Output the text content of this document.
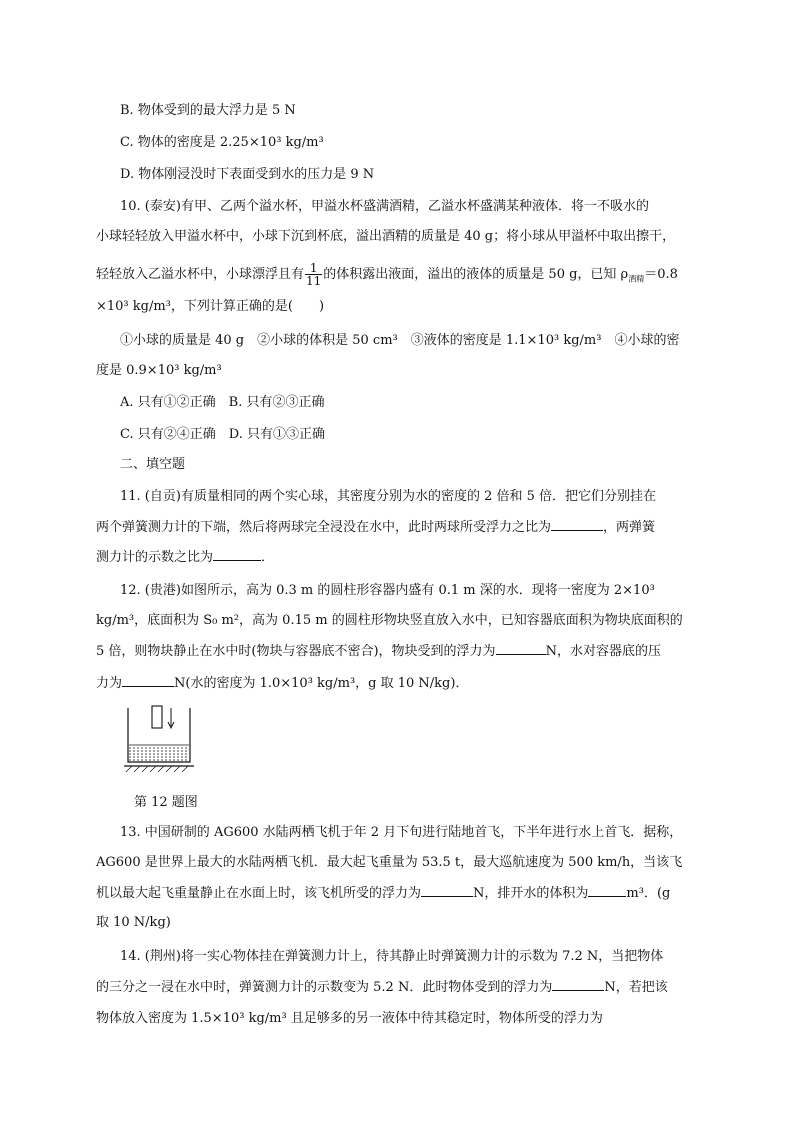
B. 物体受到的最大浮力是 5 N
C. 物体的密度是 2.25×10³ kg/m³
D. 物体刚浸没时下表面受到水的压力是 9 N
10. (泰安)有甲、乙两个溢水杯，甲溢水杯盛满酒精，乙溢水杯盛满某种液体．将一不吸水的
小球轻轻放入甲溢水杯中，小球下沉到杯底，溢出酒精的质量是 40 g；将小球从甲溢杯中取出擦干，
轻轻放入乙溢水杯中，小球漂浮且有 $\frac{1}{11}$ 的体积露出液面，溢出的液体的质量是 50 g，已知 $\rho_{酒精}=0.8$
×10³ kg/m³，下列计算正确的是(　　)
①小球的质量是 40 g　②小球的体积是 50 cm³　③液体的密度是 1.1×10³ kg/m³　④小球的密
度是 0.9×10³ kg/m³
A. 只有①②正确　B. 只有②③正确
C. 只有②④正确　D. 只有①③正确
二、填空题
11. (自贡)有质量相同的两个实心球，其密度分别为水的密度的 2 倍和 5 倍．把它们分别挂在
两个弹簧测力计的下端，然后将两球完全浸没在水中，此时两球所受浮力之比为	，两弹簧
测力计的示数之比为	．
12. (贵港)如图所示，高为 0.3 m 的圆柱形容器内盛有 0.1 m 深的水．现将一密度为 2×10³
kg/m³，底面积为 S₀ m²，高为 0.15 m 的圆柱形物块竖直放入水中，已知容器底面积为物块底面积的
5 倍，则物块静止在水中时(物块与容器底不密合)，物块受到的浮力为	N，水对容器底的压
力为	N(水的密度为 1.0×10³ kg/m³，g 取 10 N/kg)．
第 12 题图
13. 中国研制的 AG600 水陆两栖飞机于年 2 月下旬进行陆地首飞，下半年进行水上首飞．据称，
AG600 是世界上最大的水陆两栖飞机．最大起飞重量为 53.5 t，最大巡航速度为 500 km/h，当该飞
机以最大起飞重量静止在水面上时，该飞机所受的浮力为	N，排开水的体积为	m³．(g
取 10 N/kg)
14. (荆州)将一实心物体挂在弹簧测力计上，待其静止时弹簧测力计的示数为 7.2 N，当把物体
的三分之一浸在水中时，弹簧测力计的示数变为 5.2 N．此时物体受到的浮力为	N，若把该
物体放入密度为 1.5×10³ kg/m³ 且足够多的另一液体中待其稳定时，物体所受的浮力为
